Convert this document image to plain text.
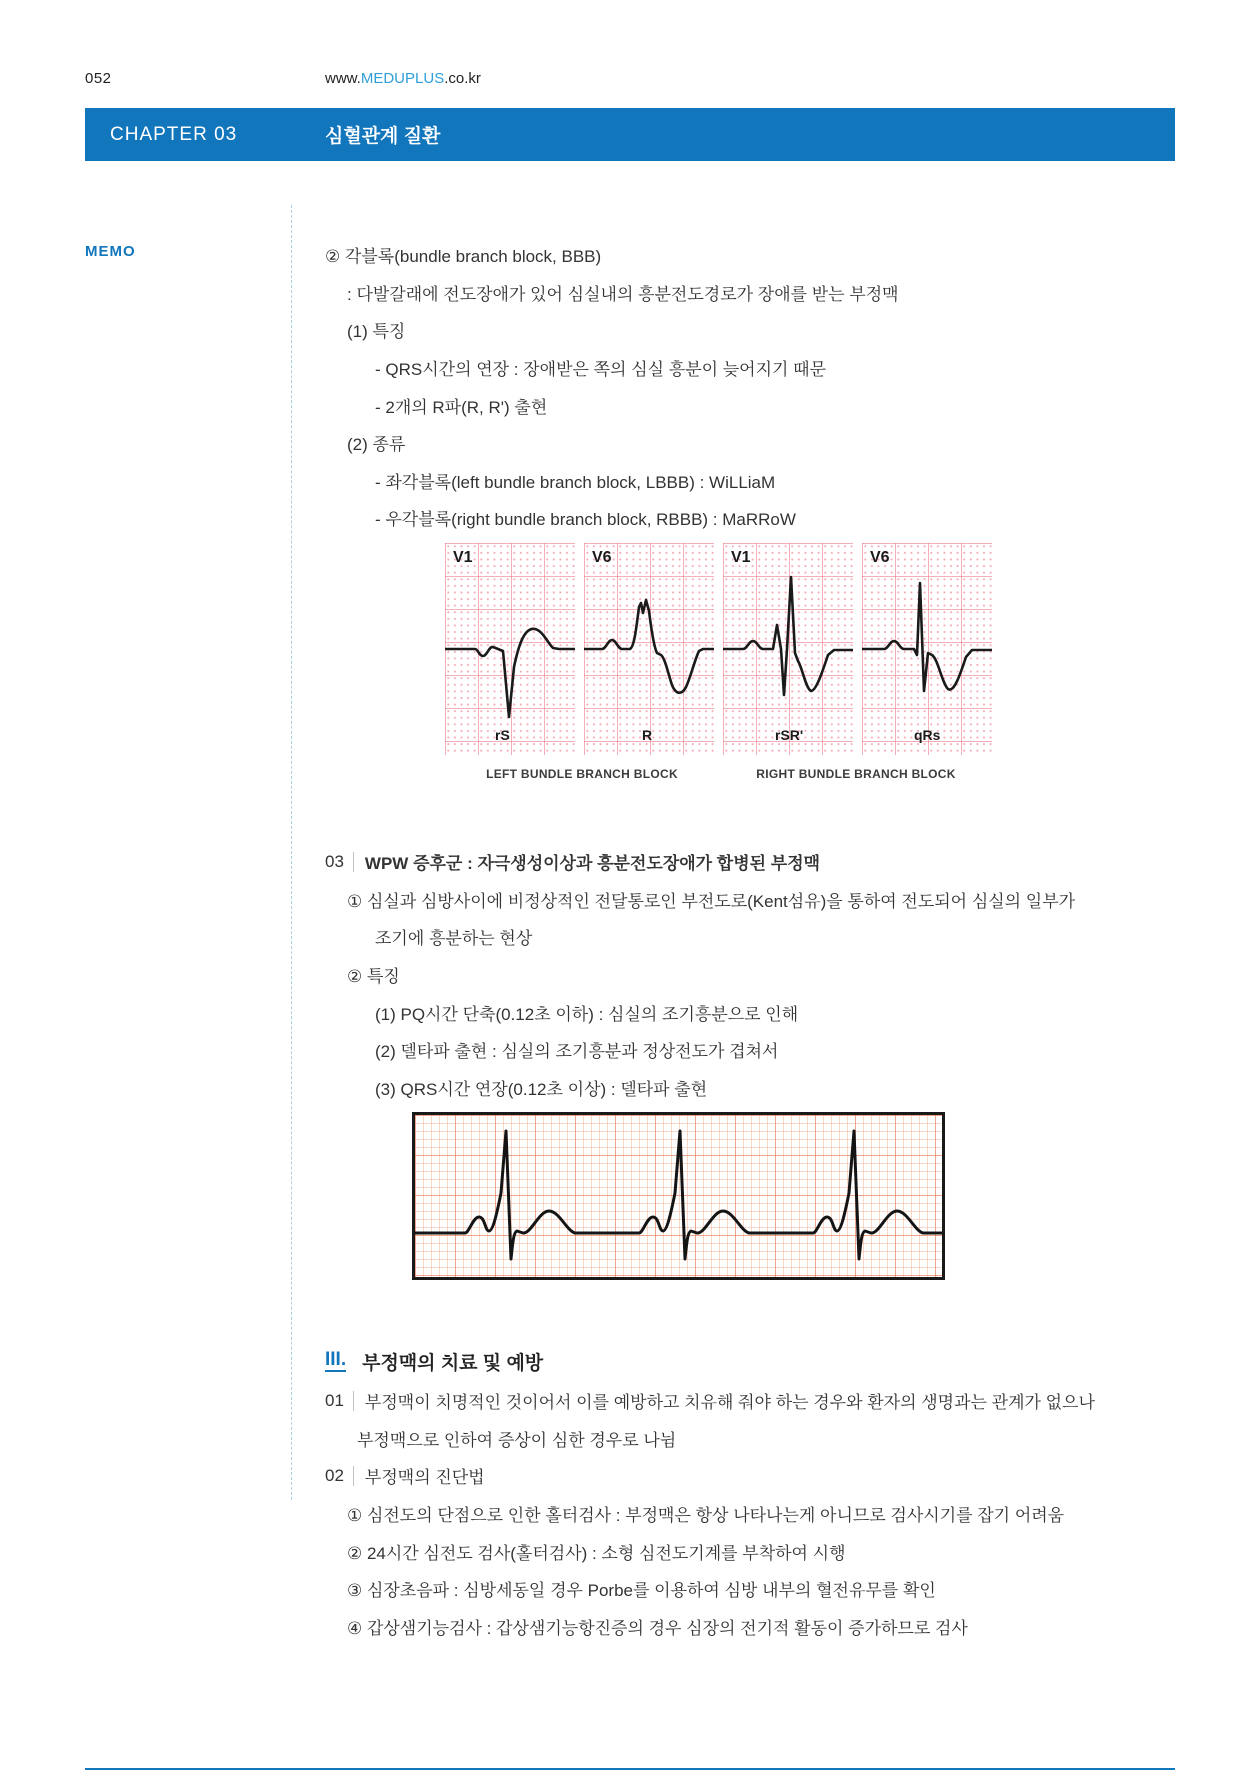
052	www.MEDUPLUS.co.kr
CHAPTER 03	심혈관계 질환
MEMO	② 각블록(bundle branch block, BBB)
: 다발갈래에 전도장애가 있어 심실내의 흥분전도경로가 장애를 받는 부정맥
(1) 특징
- QRS시간의 연장 : 장애받은 쪽의 심실 흥분이 늦어지기 때문
- 2개의 R파(R, R') 출현
(2) 종류
- 좌각블록(left bundle branch block, LBBB) : WiLLiaM
- 우각블록(right bundle branch block, RBBB) : MaRRoW
V1
rS
V6
R
V1
rSR'
V6
qRs
LEFT BUNDLE BRANCH BLOCK	RIGHT BUNDLE BRANCH BLOCK
03 WPW 증후군 : 자극생성이상과 흥분전도장애가 합병된 부정맥
① 심실과 심방사이에 비정상적인 전달통로인 부전도로(Kent섬유)을 통하여 전도되어 심실의 일부가
조기에 흥분하는 현상
② 특징
(1) PQ시간 단축(0.12초 이하) : 심실의 조기흥분으로 인해
(2) 델타파 출현 : 심실의 조기흥분과 정상전도가 겹쳐서
(3) QRS시간 연장(0.12초 이상) : 델타파 출현
III. 부정맥의 치료 및 예방
01 부정맥이 치명적인 것이어서 이를 예방하고 치유해 줘야 하는 경우와 환자의 생명과는 관계가 없으나
부정맥으로 인하여 증상이 심한 경우로 나뉨
02 부정맥의 진단법
① 심전도의 단점으로 인한 홀터검사 : 부정맥은 항상 나타나는게 아니므로 검사시기를 잡기 어려움
② 24시간 심전도 검사(홀터검사) : 소형 심전도기계를 부착하여 시행
③ 심장초음파 : 심방세동일 경우 Porbe를 이용하여 심방 내부의 혈전유무를 확인
④ 갑상샘기능검사 : 갑상샘기능항진증의 경우 심장의 전기적 활동이 증가하므로 검사
